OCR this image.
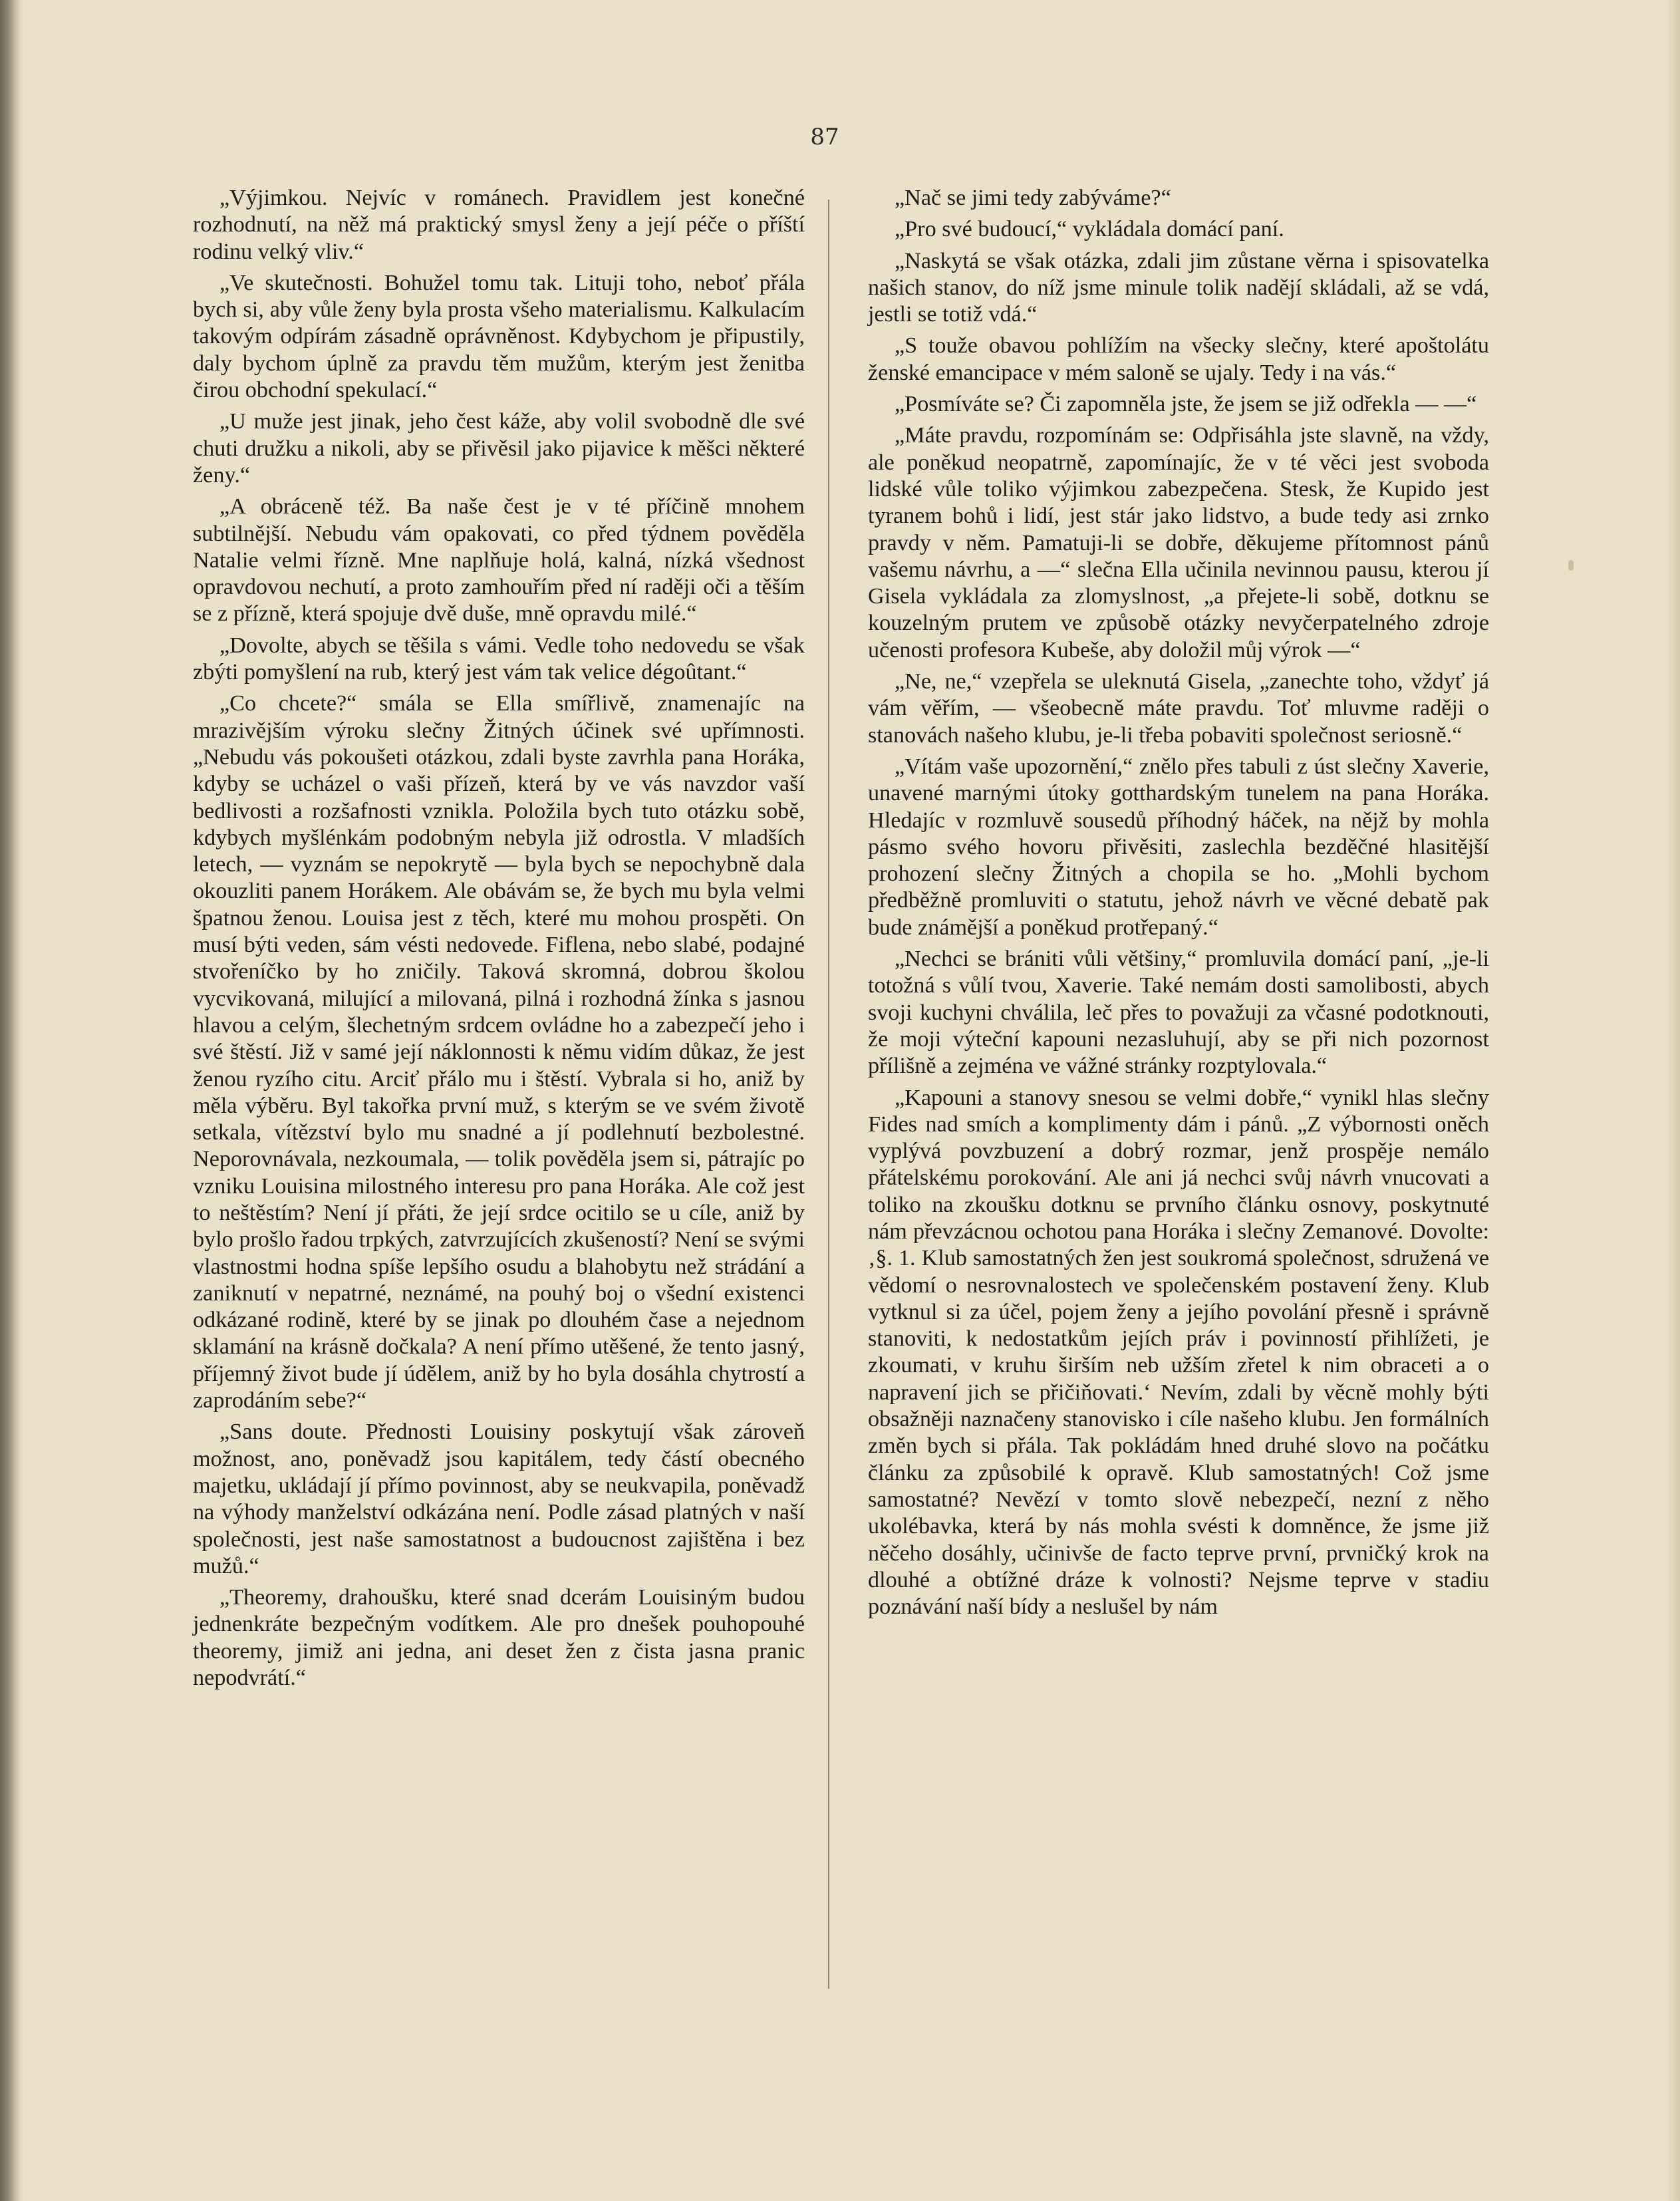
87

„Výjimkou. Nejvíc v románech. Pravidlem jest konečné rozhodnutí, na něž má praktický smysl ženy a její péče o příští rodinu velký vliv.“

„Ve skutečnosti. Bohužel tomu tak. Lituji toho, neboť přála bych si, aby vůle ženy byla prosta všeho materialismu. Kalkulacím takovým odpírám zásadně oprávněnost. Kdybychom je připustily, daly bychom úplně za pravdu těm mužům, kterým jest ženitba čirou obchodní spekulací.“

„U muže jest jinak, jeho čest káže, aby volil svobodně dle své chuti družku a nikoli, aby se přivěsil jako pijavice k měšci některé ženy.“

„A obráceně též. Ba naše čest je v té příčině mnohem subtilnější. Nebudu vám opakovati, co před týdnem pověděla Natalie velmi řízně. Mne naplňuje holá, kalná, nízká všednost opravdovou nechutí, a proto zamhouřím před ní raději oči a těším se z přízně, která spojuje dvě duše, mně opravdu milé.“

„Dovolte, abych se těšila s vámi. Vedle toho nedovedu se však zbýti pomyšlení na rub, který jest vám tak velice dégoûtant.“

„Co chcete?“ smála se Ella smířlivě, znamenajíc na mrazivějším výroku slečny Žitných účinek své upřímnosti. „Nebudu vás pokoušeti otázkou, zdali byste zavrhla pana Horáka, kdyby se ucházel o vaši přízeň, která by ve vás navzdor vaší bedlivosti a rozšafnosti vznikla. Položila bych tuto otázku sobě, kdybych myšlénkám podobným nebyla již odrostla. V mladších letech, — vyznám se nepokrytě — byla bych se nepochybně dala okouzliti panem Horákem. Ale obávám se, že bych mu byla velmi špatnou ženou. Louisa jest z těch, které mu mohou prospěti. On musí býti veden, sám vésti nedovede. Fiflena, nebo slabé, podajné stvořeníčko by ho zničily. Taková skromná, dobrou školou vycvikovaná, milující a milovaná, pilná i rozhodná žínka s jasnou hlavou a celým, šlechetným srdcem ovládne ho a zabezpečí jeho i své štěstí. Již v samé její náklonnosti k němu vidím důkaz, že jest ženou ryzího citu. Arciť přálo mu i štěstí. Vybrala si ho, aniž by měla výběru. Byl takořka první muž, s kterým se ve svém životě setkala, vítězství bylo mu snadné a jí podlehnutí bezbolestné. Neporovnávala, nezkoumala, — tolik pověděla jsem si, pátrajíc po vzniku Louisina milostného interesu pro pana Horáka. Ale což jest to neštěstím? Není jí přáti, že její srdce ocitilo se u cíle, aniž by bylo prošlo řadou trpkých, zatvrzujících zkušeností? Není se svými vlastnostmi hodna spíše lepšího osudu a blahobytu než strádání a zaniknutí v nepatrné, neznámé, na pouhý boj o všední existenci odkázané rodině, které by se jinak po dlouhém čase a nejednom sklamání na krásně dočkala? A není přímo utěšené, že tento jasný, příjemný život bude jí údělem, aniž by ho byla dosáhla chytrostí a zaprodáním sebe?“

„Sans doute. Přednosti Louisiny poskytují však zároveň možnost, ano, poněvadž jsou kapitálem, tedy částí obecného majetku, ukládají jí přímo povinnost, aby se neukvapila, poněvadž na výhody manželství odkázána není. Podle zásad platných v naší společnosti, jest naše samostatnost a budoucnost zajištěna i bez mužů.“

„Theoremy, drahoušku, které snad dcerám Louisiným budou jednenkráte bezpečným vodítkem. Ale pro dnešek pouhopouhé theoremy, jimiž ani jedna, ani deset žen z čista jasna pranic nepodvrátí.“

„Nač se jimi tedy zabýváme?“

„Pro své budoucí,“ vykládala domácí paní.

„Naskytá se však otázka, zdali jim zůstane věrna i spisovatelka našich stanov, do níž jsme minule tolik nadějí skládali, až se vdá, jestli se totiž vdá.“

„S touže obavou pohlížím na všecky slečny, které apoštolátu ženské emancipace v mém saloně se ujaly. Tedy i na vás.“

„Posmíváte se? Či zapomněla jste, že jsem se již odřekla — —“

„Máte pravdu, rozpomínám se: Odpřisáhla jste slavně, na vždy, ale poněkud neopatrně, zapomínajíc, že v té věci jest svoboda lidské vůle toliko výjimkou zabezpečena. Stesk, že Kupido jest tyranem bohů i lidí, jest stár jako lidstvo, a bude tedy asi zrnko pravdy v něm. Pamatuji-li se dobře, děkujeme přítomnost pánů vašemu návrhu, a —“ slečna Ella učinila nevinnou pausu, kterou jí Gisela vykládala za zlomyslnost, „a přejete-li sobě, dotknu se kouzelným prutem ve způsobě otázky nevyčerpatelného zdroje učenosti profesora Kubeše, aby doložil můj výrok —“

„Ne, ne,“ vzepřela se uleknutá Gisela, „zanechte toho, vždyť já vám věřím, — všeobecně máte pravdu. Toť mluvme raději o stanovách našeho klubu, je-li třeba pobaviti společnost seriosně.“

„Vítám vaše upozornění,“ znělo přes tabuli z úst slečny Xaverie, unavené marnými útoky gotthardským tunelem na pana Horáka. Hledajíc v rozmluvě sousedů příhodný háček, na nějž by mohla pásmo svého hovoru přivěsiti, zaslechla bezděčné hlasitější prohození slečny Žitných a chopila se ho. „Mohli bychom předběžně promluviti o statutu, jehož návrh ve věcné debatě pak bude známější a poněkud protřepaný.“

„Nechci se brániti vůli většiny,“ promluvila domácí paní, „je-li totožná s vůlí tvou, Xaverie. Také nemám dosti samolibosti, abych svoji kuchyni chválila, leč přes to považuji za včasné podotknouti, že moji výteční kapouni nezasluhují, aby se při nich pozornost přílišně a zejména ve vážné stránky rozptylovala.“

„Kapouni a stanovy snesou se velmi dobře,“ vynikl hlas slečny Fides nad smích a komplimenty dám i pánů. „Z výbornosti oněch vyplývá povzbuzení a dobrý rozmar, jenž prospěje nemálo přátelskému porokování. Ale ani já nechci svůj návrh vnucovati a toliko na zkoušku dotknu se prvního článku osnovy, poskytnuté nám převzácnou ochotou pana Horáka i slečny Zemanové. Dovolte: ‚§. 1. Klub samostatných žen jest soukromá společnost, sdružená ve vědomí o nesrovnalostech ve společenském postavení ženy. Klub vytknul si za účel, pojem ženy a jejího povolání přesně i správně stanoviti, k nedostatkům jejích práv i povinností přihlížeti, je zkoumati, v kruhu širším neb užším zřetel k nim obraceti a o napravení jich se přičiňovati.‘ Nevím, zdali by věcně mohly býti obsažněji naznačeny stanovisko i cíle našeho klubu. Jen formálních změn bych si přála. Tak pokládám hned druhé slovo na počátku článku za způsobilé k opravě. Klub samostatných! Což jsme samostatné? Nevězí v tomto slově nebezpečí, nezní z něho ukolébavka, která by nás mohla svésti k domněnce, že jsme již něčeho dosáhly, učinivše de facto teprve první, prvničký krok na dlouhé a obtížné dráze k volnosti? Nejsme teprve v stadiu poznávání naší bídy a neslušel by nám
